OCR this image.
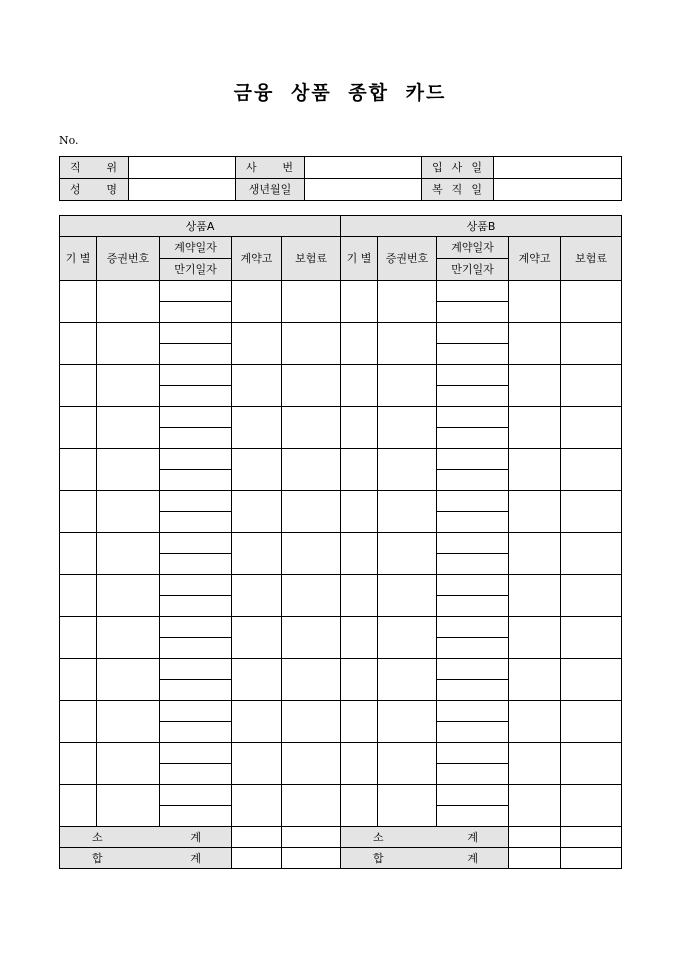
금융 상품 종합 카드
No.
직 위		사 번		입 사 일	

성 명		생년월일		복 직 일	

상품A					상품B				
기 별	증권번호	계약일자	계약고	보험료	기 별	증권번호	계약일자	계약고	보험료
		만기일자					만기일자		

소 계					소 계				

합 계					합 계				
